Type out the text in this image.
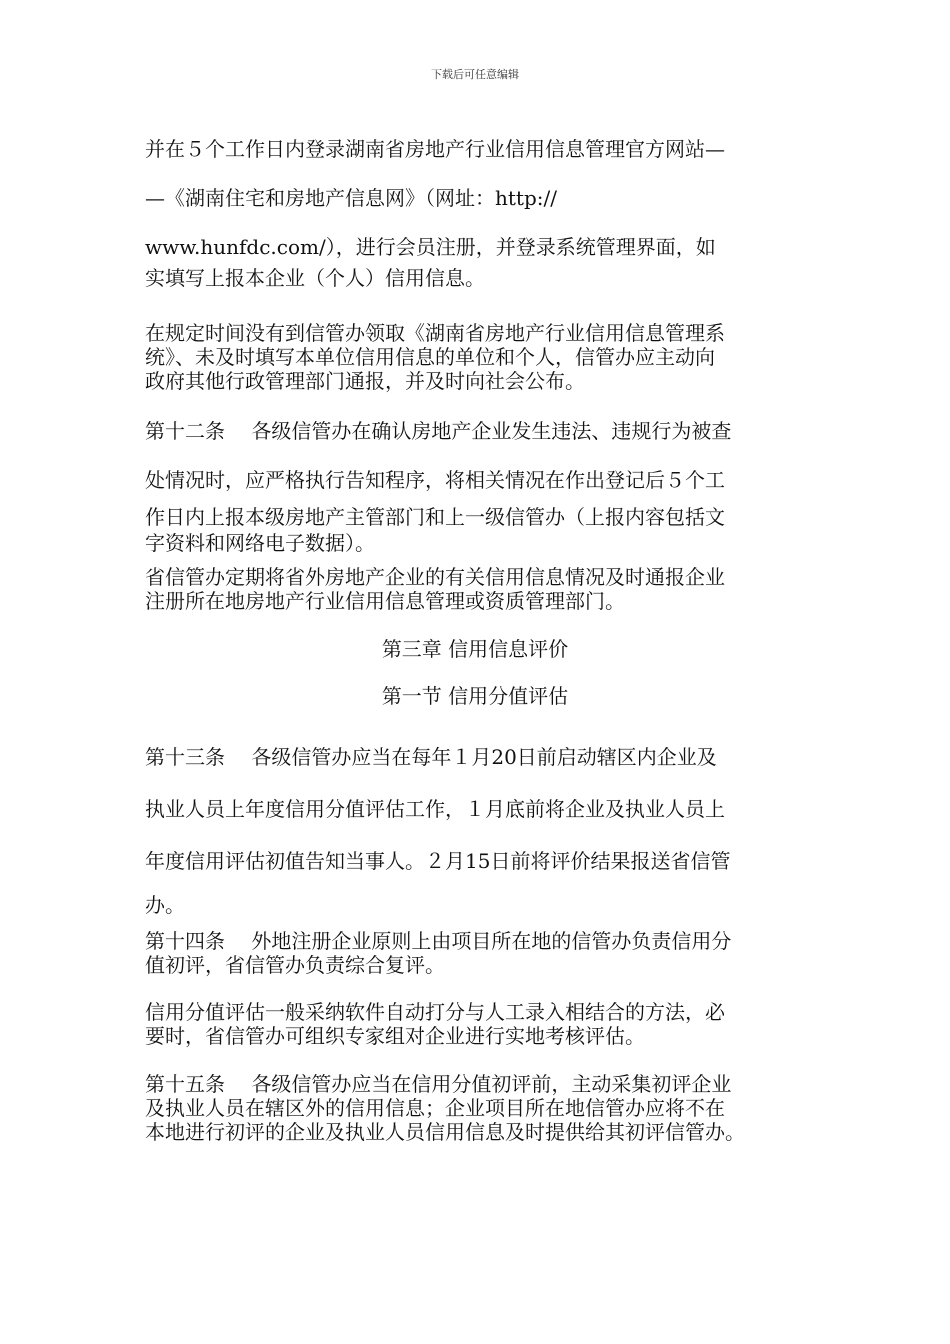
下载后可任意编辑
并在５个工作日内登录湖南省房地产行业信用信息管理官方网站—
—《湖南住宅和房地产信息网》（网址：http://
www.hunfdc.com/），进行会员注册，并登录系统管理界面，如
实填写上报本企业（个人）信用信息。
在规定时间没有到信管办领取《湖南省房地产行业信用信息管理系
统》、未及时填写本单位信用信息的单位和个人，信管办应主动向
政府其他行政管理部门通报，并及时向社会公布。
第十二条　 各级信管办在确认房地产企业发生违法、违规行为被查
处情况时，应严格执行告知程序，将相关情况在作出登记后５个工
作日内上报本级房地产主管部门和上一级信管办（上报内容包括文
字资料和网络电子数据）。
省信管办定期将省外房地产企业的有关信用信息情况及时通报企业
注册所在地房地产行业信用信息管理或资质管理部门。
第三章 信用信息评价
第一节 信用分值评估
第十三条　 各级信管办应当在每年１月20日前启动辖区内企业及
执业人员上年度信用分值评估工作，１月底前将企业及执业人员上
年度信用评估初值告知当事人。２月15日前将评价结果报送省信管
办。
第十四条　 外地注册企业原则上由项目所在地的信管办负责信用分
值初评，省信管办负责综合复评。
信用分值评估一般采纳软件自动打分与人工录入相结合的方法，必
要时，省信管办可组织专家组对企业进行实地考核评估。
第十五条　 各级信管办应当在信用分值初评前，主动采集初评企业
及执业人员在辖区外的信用信息；企业项目所在地信管办应将不在
本地进行初评的企业及执业人员信用信息及时提供给其初评信管办。
